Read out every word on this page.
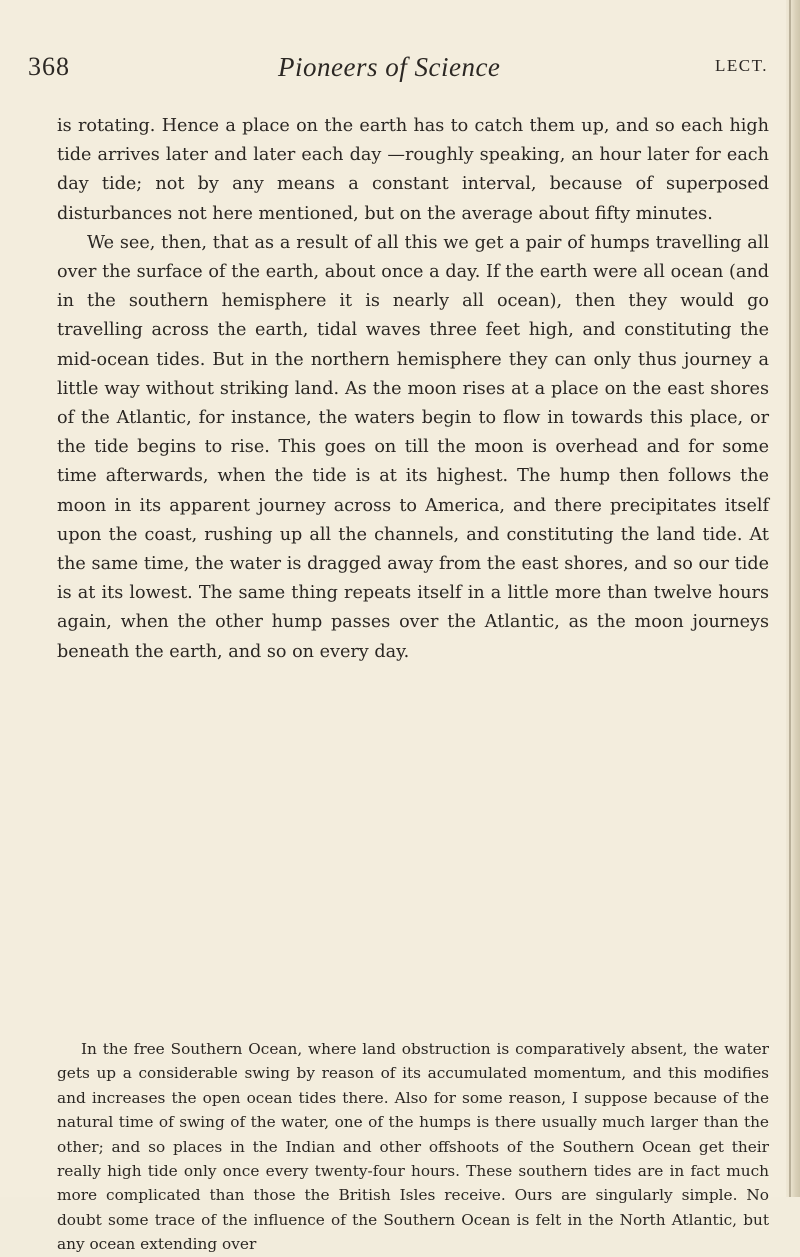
368	Pioneers of Science	LECT.

is rotating. Hence a place on the earth has to catch them up, and so each high tide arrives later and later each day —roughly speaking, an hour later for each day tide; not by any means a constant interval, because of superposed disturbances not here mentioned, but on the average about fifty minutes.

We see, then, that as a result of all this we get a pair of humps travelling all over the surface of the earth, about once a day. If the earth were all ocean (and in the southern hemisphere it is nearly all ocean), then they would go travelling across the earth, tidal waves three feet high, and constituting the mid-ocean tides. But in the northern hemisphere they can only thus journey a little way without striking land. As the moon rises at a place on the east shores of the Atlantic, for instance, the waters begin to flow in towards this place, or the tide begins to rise. This goes on till the moon is overhead and for some time afterwards, when the tide is at its highest. The hump then follows the moon in its apparent journey across to America, and there precipitates itself upon the coast, rushing up all the channels, and constituting the land tide. At the same time, the water is dragged away from the east shores, and so our tide is at its lowest. The same thing repeats itself in a little more than twelve hours again, when the other hump passes over the Atlantic, as the moon journeys beneath the earth, and so on every day.

In the free Southern Ocean, where land obstruction is comparatively absent, the water gets up a considerable swing by reason of its accumulated momentum, and this modifies and increases the open ocean tides there. Also for some reason, I suppose because of the natural time of swing of the water, one of the humps is there usually much larger than the other; and so places in the Indian and other offshoots of the Southern Ocean get their really high tide only once every twenty-four hours. These southern tides are in fact much more complicated than those the British Isles receive. Ours are singularly simple. No doubt some trace of the influence of the Southern Ocean is felt in the North Atlantic, but any ocean extending over
